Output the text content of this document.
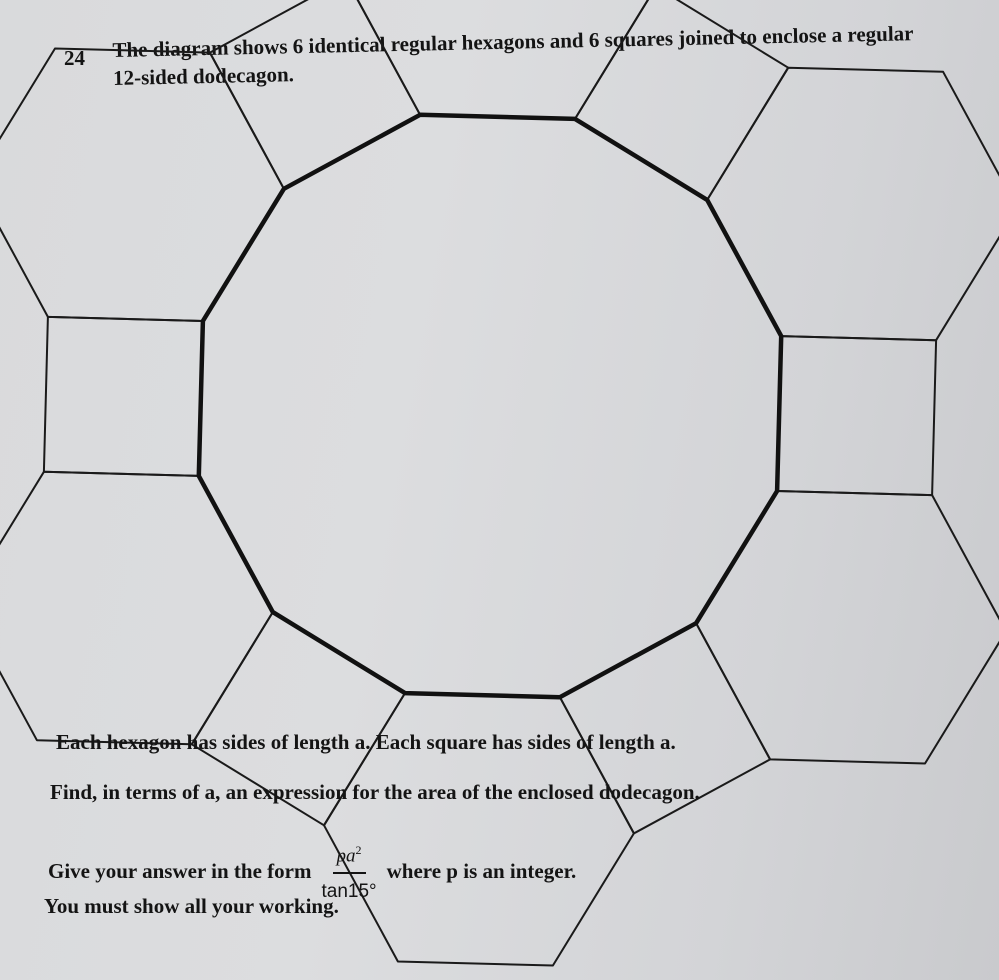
24 The diagram shows 6 identical regular hexagons and 6 squares joined to enclose a regular
12-sided dodecagon.
Each hexagon has sides of length a. Each square has sides of length a.
Find, in terms of a, an expression for the area of the enclosed dodecagon.
Give your answer in the form $\frac{pa^2}{\tan 15^\circ}$ where p is an integer.
You must show all your working.
